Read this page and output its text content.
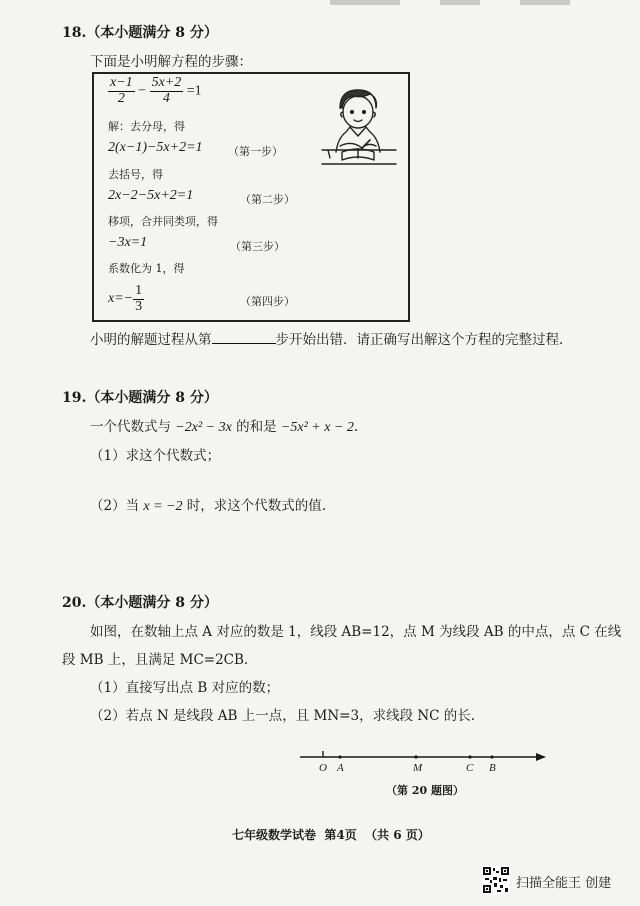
18.（本小题满分 8 分）
下面是小明解方程的步骤：
$\frac{x-1}{2} - \frac{5x+2}{4} =1$
解：去分母，得
2(x−1)−5x+2=1 （第一步）
去括号，得
2x−2−5x+2=1	（第二步）
移项，合并同类项，得
−3x=1	（第三步）
系数化为 1，得
$x=- \frac{1}{3}$	（第四步）
小明的解题过程从第	步开始出错．请正确写出解这个方程的完整过程.
19.（本小题满分 8 分）
一个代数式与 −2x² − 3x 的和是 −5x² + x − 2.
（1）求这个代数式；
（2）当 x = −2 时，求这个代数式的值.
20.（本小题满分 8 分）
如图，在数轴上点 A 对应的数是 1，线段 AB=12，点 M 为线段 AB 的中点，点 C 在线
段 MB 上，且满足 MC=2CB.
（1）直接写出点 B 对应的数；
（2）若点 N 是线段 AB 上一点，且 MN=3，求线段 NC 的长.
O A	M	C B
（第 20 题图）
七年级数学试卷  第4页  （共 6 页）
扫描全能王 创建
